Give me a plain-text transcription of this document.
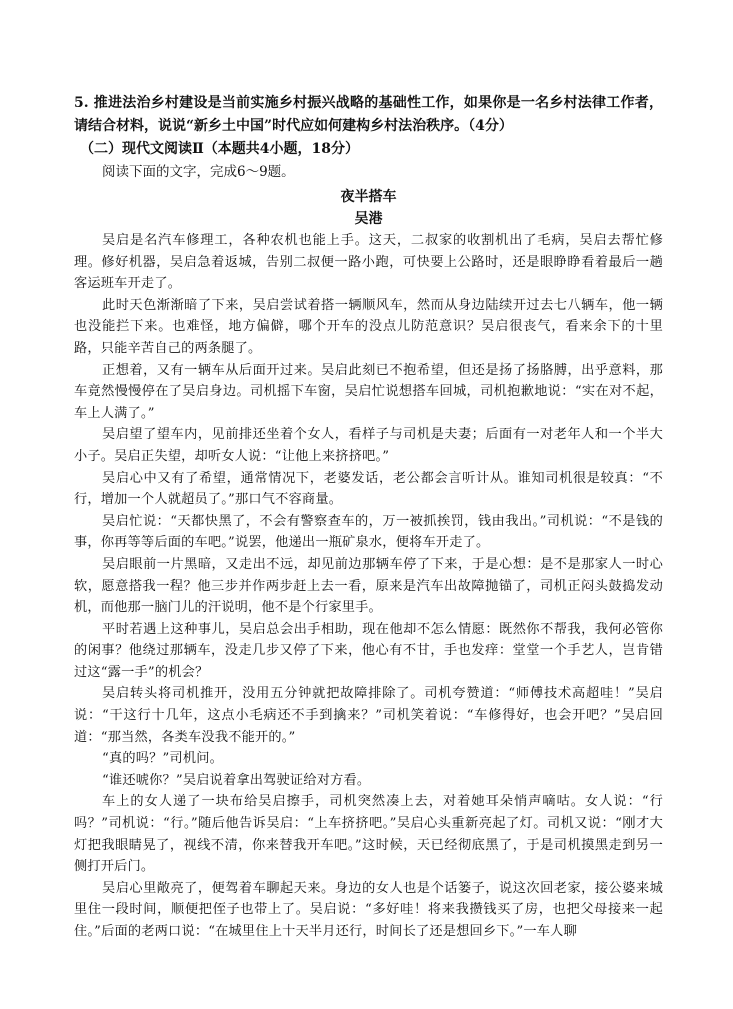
5. 推进法治乡村建设是当前实施乡村振兴战略的基础性工作，如果你是一名乡村法律工作者，请结合材料，说说“新乡土中国”时代应如何建构乡村法治秩序。（4分）

（二）现代文阅读Ⅱ（本题共4小题，18分）

阅读下面的文字，完成6～9题。

夜半搭车

吴港

吴启是名汽车修理工，各种农机也能上手。这天，二叔家的收割机出了毛病，吴启去帮忙修理。修好机器，吴启急着返城，告别二叔便一路小跑，可快要上公路时，还是眼睁睁看着最后一趟客运班车开走了。

此时天色渐渐暗了下来，吴启尝试着搭一辆顺风车，然而从身边陆续开过去七八辆车，他一辆也没能拦下来。也难怪，地方偏僻，哪个开车的没点儿防范意识？吴启很丧气，看来余下的十里路，只能辛苦自己的两条腿了。

正想着，又有一辆车从后面开过来。吴启此刻已不抱希望，但还是扬了扬胳膊，出乎意料，那车竟然慢慢停在了吴启身边。司机摇下车窗，吴启忙说想搭车回城，司机抱歉地说：“实在对不起，车上人满了。”

吴启望了望车内，见前排还坐着个女人，看样子与司机是夫妻；后面有一对老年人和一个半大小子。吴启正失望，却听女人说：“让他上来挤挤吧。”

吴启心中又有了希望，通常情况下，老婆发话，老公都会言听计从。谁知司机很是较真：“不行，增加一个人就超员了。”那口气不容商量。

吴启忙说：“天都快黑了，不会有警察查车的，万一被抓挨罚，钱由我出。”司机说：“不是钱的事，你再等等后面的车吧。”说罢，他递出一瓶矿泉水，便将车开走了。

吴启眼前一片黑暗，又走出不远，却见前边那辆车停了下来，于是心想：是不是那家人一时心软，愿意搭我一程？他三步并作两步赶上去一看，原来是汽车出故障抛锚了，司机正闷头鼓捣发动机，而他那一脑门儿的汗说明，他不是个行家里手。

平时若遇上这种事儿，吴启总会出手相助，现在他却不怎么情愿：既然你不帮我，我何必管你的闲事？他绕过那辆车，没走几步又停了下来，他心有不甘，手也发痒：堂堂一个手艺人，岂肯错过这“露一手”的机会？

吴启转头将司机推开，没用五分钟就把故障排除了。司机夸赞道：“师傅技术高超哇！”吴启说：“干这行十几年，这点小毛病还不手到擒来？”司机笑着说：“车修得好，也会开吧？”吴启回道：“那当然，各类车没我不能开的。”

“真的吗？”司机问。

“谁还唬你？”吴启说着拿出驾驶证给对方看。

车上的女人递了一块布给吴启擦手，司机突然凑上去，对着她耳朵悄声嘀咕。女人说：“行吗？”司机说：“行。”随后他告诉吴启：“上车挤挤吧。”吴启心头重新亮起了灯。司机又说：“刚才大灯把我眼睛晃了，视线不清，你来替我开车吧。”这时候，天已经彻底黑了，于是司机摸黑走到另一侧打开后门。

吴启心里敞亮了，便驾着车聊起天来。身边的女人也是个话篓子，说这次回老家，接公婆来城里住一段时间，顺便把侄子也带上了。吴启说：“多好哇！将来我攒钱买了房，也把父母接来一起住。”后面的老两口说：“在城里住上十天半月还行，时间长了还是想回乡下。”一车人聊
